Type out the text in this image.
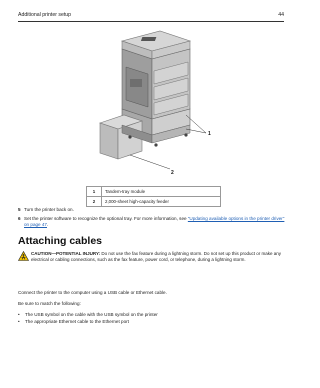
Additional printer setup	44
1
2
1	Tandem-tray module
2	2,000-sheet high-capacity feeder
5 Turn the printer back on.
6 Set the printer software to recognize the optional tray. For more information, see “Updating available options in the printer driver” on page 47.
Attaching cables
CAUTION—POTENTIAL INJURY: Do not use the fax feature during a lightning storm. Do not set up this product or make any electrical or cabling connections, such as the fax feature, power cord, or telephone, during a lightning storm.
Connect the printer to the computer using a USB cable or Ethernet cable.
Be sure to match the following:
• The USB symbol on the cable with the USB symbol on the printer
• The appropriate Ethernet cable to the Ethernet port
